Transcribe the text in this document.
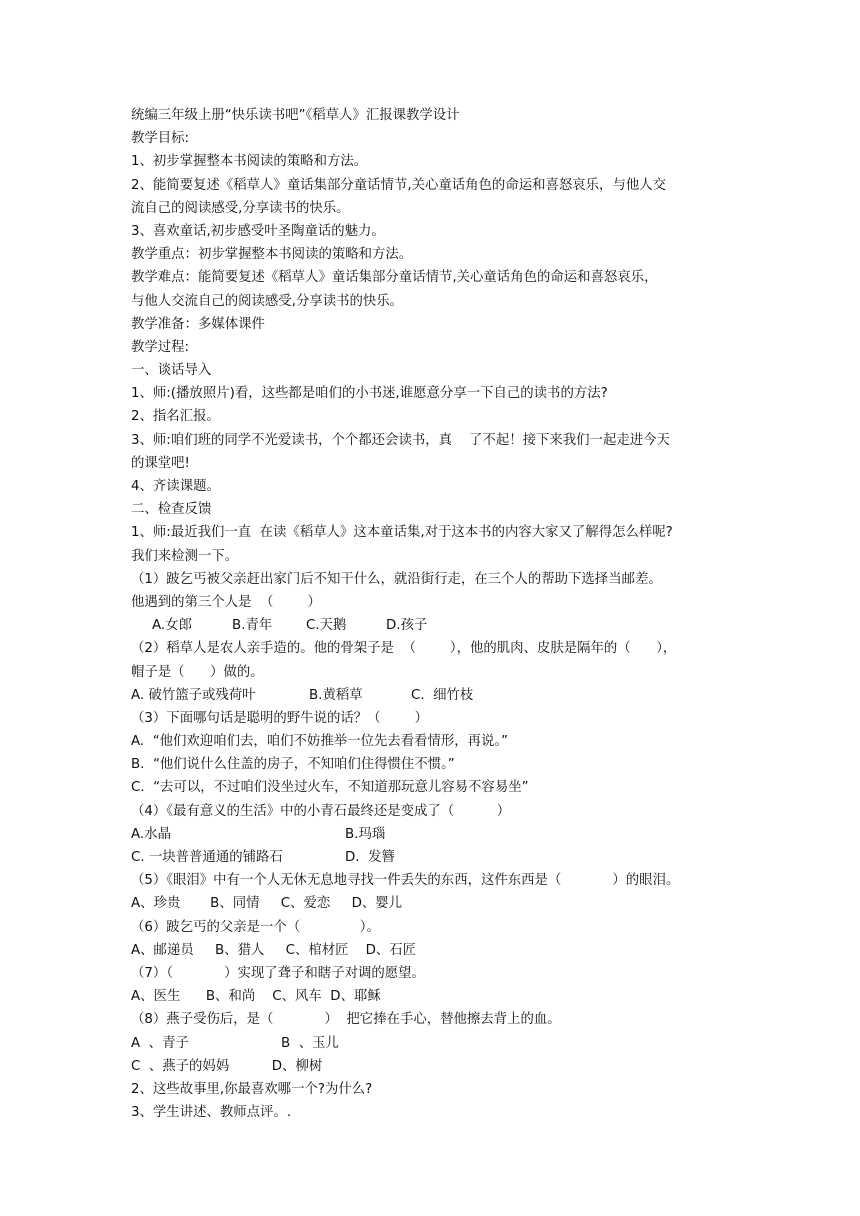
统编三年级上册“快乐读书吧”《稻草人》汇报课教学设计
教学目标:
1、初步掌握整本书阅读的策略和方法。
2、能简要复述《稻草人》童话集部分童话情节,关心童话角色的命运和喜怒哀乐，与他人交
流自己的阅读感受,分享读书的快乐。
3、喜欢童话,初步感受叶圣陶童话的魅力。
教学重点：初步掌握整本书阅读的策略和方法。
教学难点：能简要复述《稻草人》童话集部分童话情节,关心童话角色的命运和喜怒哀乐，
与他人交流自己的阅读感受,分享读书的快乐。
教学准备：多媒体课件
教学过程:
一、谈话导入
1、师:(播放照片)看，这些都是咱们的小书迷,谁愿意分享一下自己的读书的方法?
2、指名汇报。
3、师:咱们班的同学不光爱读书，个个都还会读书，真    了不起！接下来我们一起走进今天
的课堂吧!
4、齐读课题。
二、检查反馈
1、师:最近我们一直  在读《稻草人》这本童话集,对于这本书的内容大家又了解得怎么样呢?
我们来检测一下。
（1）跛乞丐被父亲赶出家门后不知干什么，就沿街行走，在三个人的帮助下选择当邮差。
他遇到的第三个人是  （        ）
A.女郎	B.青年	C.天鹅	D.孩子
（2）稻草人是农人亲手造的。他的骨架子是  （        ），他的肌肉、皮肤是隔年的（      ），
帽子是（      ）做的。
A. 破竹篮子或残荷叶	B.黄稻草	C.  细竹枝
（3）下面哪句话是聪明的野牛说的话？（        ）
A.  “他们欢迎咱们去，咱们不妨推举一位先去看看情形，再说。”
B.  “他们说什么住盖的房子，不知咱们住得惯住不惯。”
C.  “去可以，不过咱们没坐过火车，不知道那玩意儿容易不容易坐”
（4）《最有意义的生活》中的小青石最终还是变成了（          ）
A.水晶	B.玛瑙
C. 一块普普通通的铺路石	D.  发簪
（5）《眼泪》中有一个人无休无息地寻找一件丢失的东西，这件东西是（            ）的眼泪。
A、珍贵       B、同情     C、爱恋     D、婴儿
（6）跛乞丐的父亲是一个（              ）。
A、邮递员     B、猎人     C、棺材匠    D、石匠
（7）（            ）实现了聋子和瞎子对调的愿望。
A、医生      B、和尚    C、风车  D、耶稣
（8）燕子受伤后，是（            ）  把它捧在手心，替他擦去背上的血。
A  、青子	B  、玉儿
C  、燕子的妈妈          D、柳树
2、这些故事里,你最喜欢哪一个?为什么?
3、学生讲述、教师点评。.
